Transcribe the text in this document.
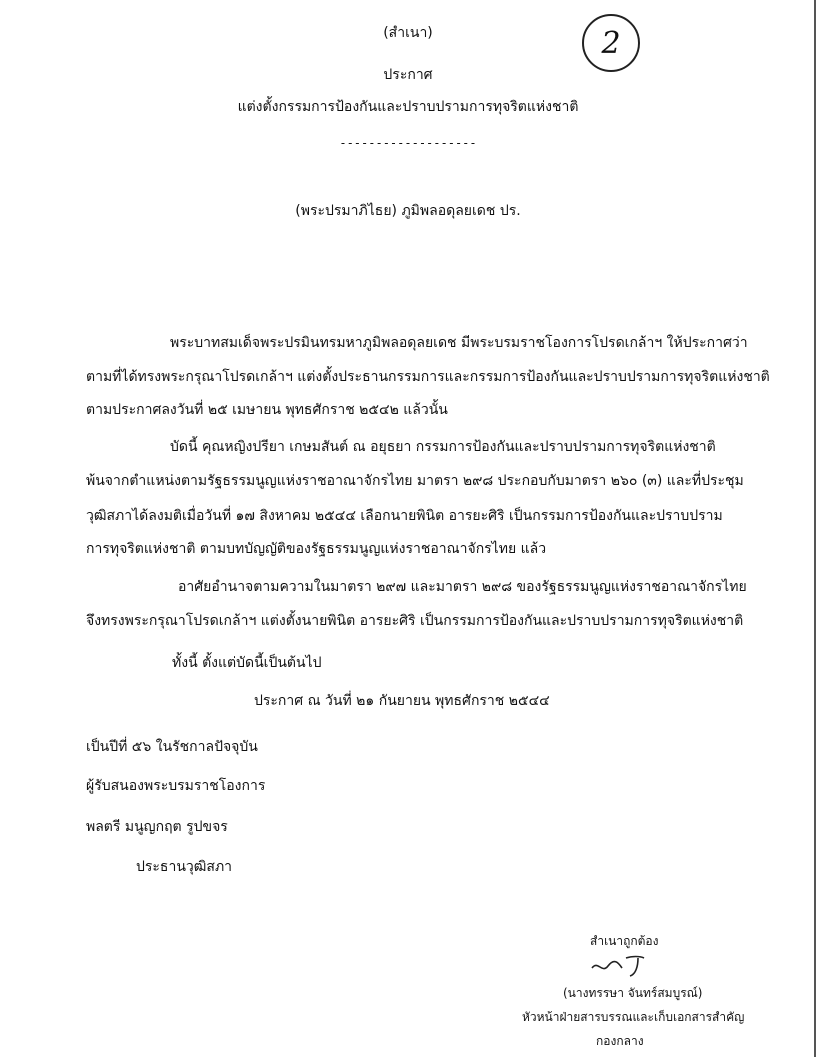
(สำเนา)	2
ประกาศ
แต่งตั้งกรรมการป้องกันและปราบปรามการทุจริตแห่งชาติ
-------------------
(พระปรมาภิไธย) ภูมิพลอดุลยเดช ปร.
พระบาทสมเด็จพระปรมินทรมหาภูมิพลอดุลยเดช มีพระบรมราชโองการโปรดเกล้าฯ ให้ประกาศว่า
ตามที่ได้ทรงพระกรุณาโปรดเกล้าฯ แต่งตั้งประธานกรรมการและกรรมการป้องกันและปราบปรามการทุจริตแห่งชาติ
ตามประกาศลงวันที่ ๒๕ เมษายน พุทธศักราช ๒๕๔๒ แล้วนั้น
บัดนี้ คุณหญิงปรียา เกษมสันต์ ณ อยุธยา กรรมการป้องกันและปราบปรามการทุจริตแห่งชาติ
พ้นจากตำแหน่งตามรัฐธรรมนูญแห่งราชอาณาจักรไทย มาตรา ๒๙๘ ประกอบกับมาตรา ๒๖๐ (๓) และที่ประชุม
วุฒิสภาได้ลงมติเมื่อวันที่ ๑๗ สิงหาคม ๒๕๔๔ เลือกนายพินิต อารยะศิริ เป็นกรรมการป้องกันและปราบปราม
การทุจริตแห่งชาติ ตามบทบัญญัติของรัฐธรรมนูญแห่งราชอาณาจักรไทย แล้ว
อาศัยอำนาจตามความในมาตรา ๒๙๗ และมาตรา ๒๙๘ ของรัฐธรรมนูญแห่งราชอาณาจักรไทย
จึงทรงพระกรุณาโปรดเกล้าฯ แต่งตั้งนายพินิต อารยะศิริ เป็นกรรมการป้องกันและปราบปรามการทุจริตแห่งชาติ
ทั้งนี้ ตั้งแต่บัดนี้เป็นต้นไป
ประกาศ ณ วันที่ ๒๑ กันยายน พุทธศักราช ๒๕๔๔
เป็นปีที่ ๕๖ ในรัชกาลปัจจุบัน
ผู้รับสนองพระบรมราชโองการ
พลตรี มนูญกฤต รูปขจร
ประธานวุฒิสภา
สำเนาถูกต้อง
(นางทรรษา จันทร์สมบูรณ์)
หัวหน้าฝ่ายสารบรรณและเก็บเอกสารสำคัญ
กองกลาง
